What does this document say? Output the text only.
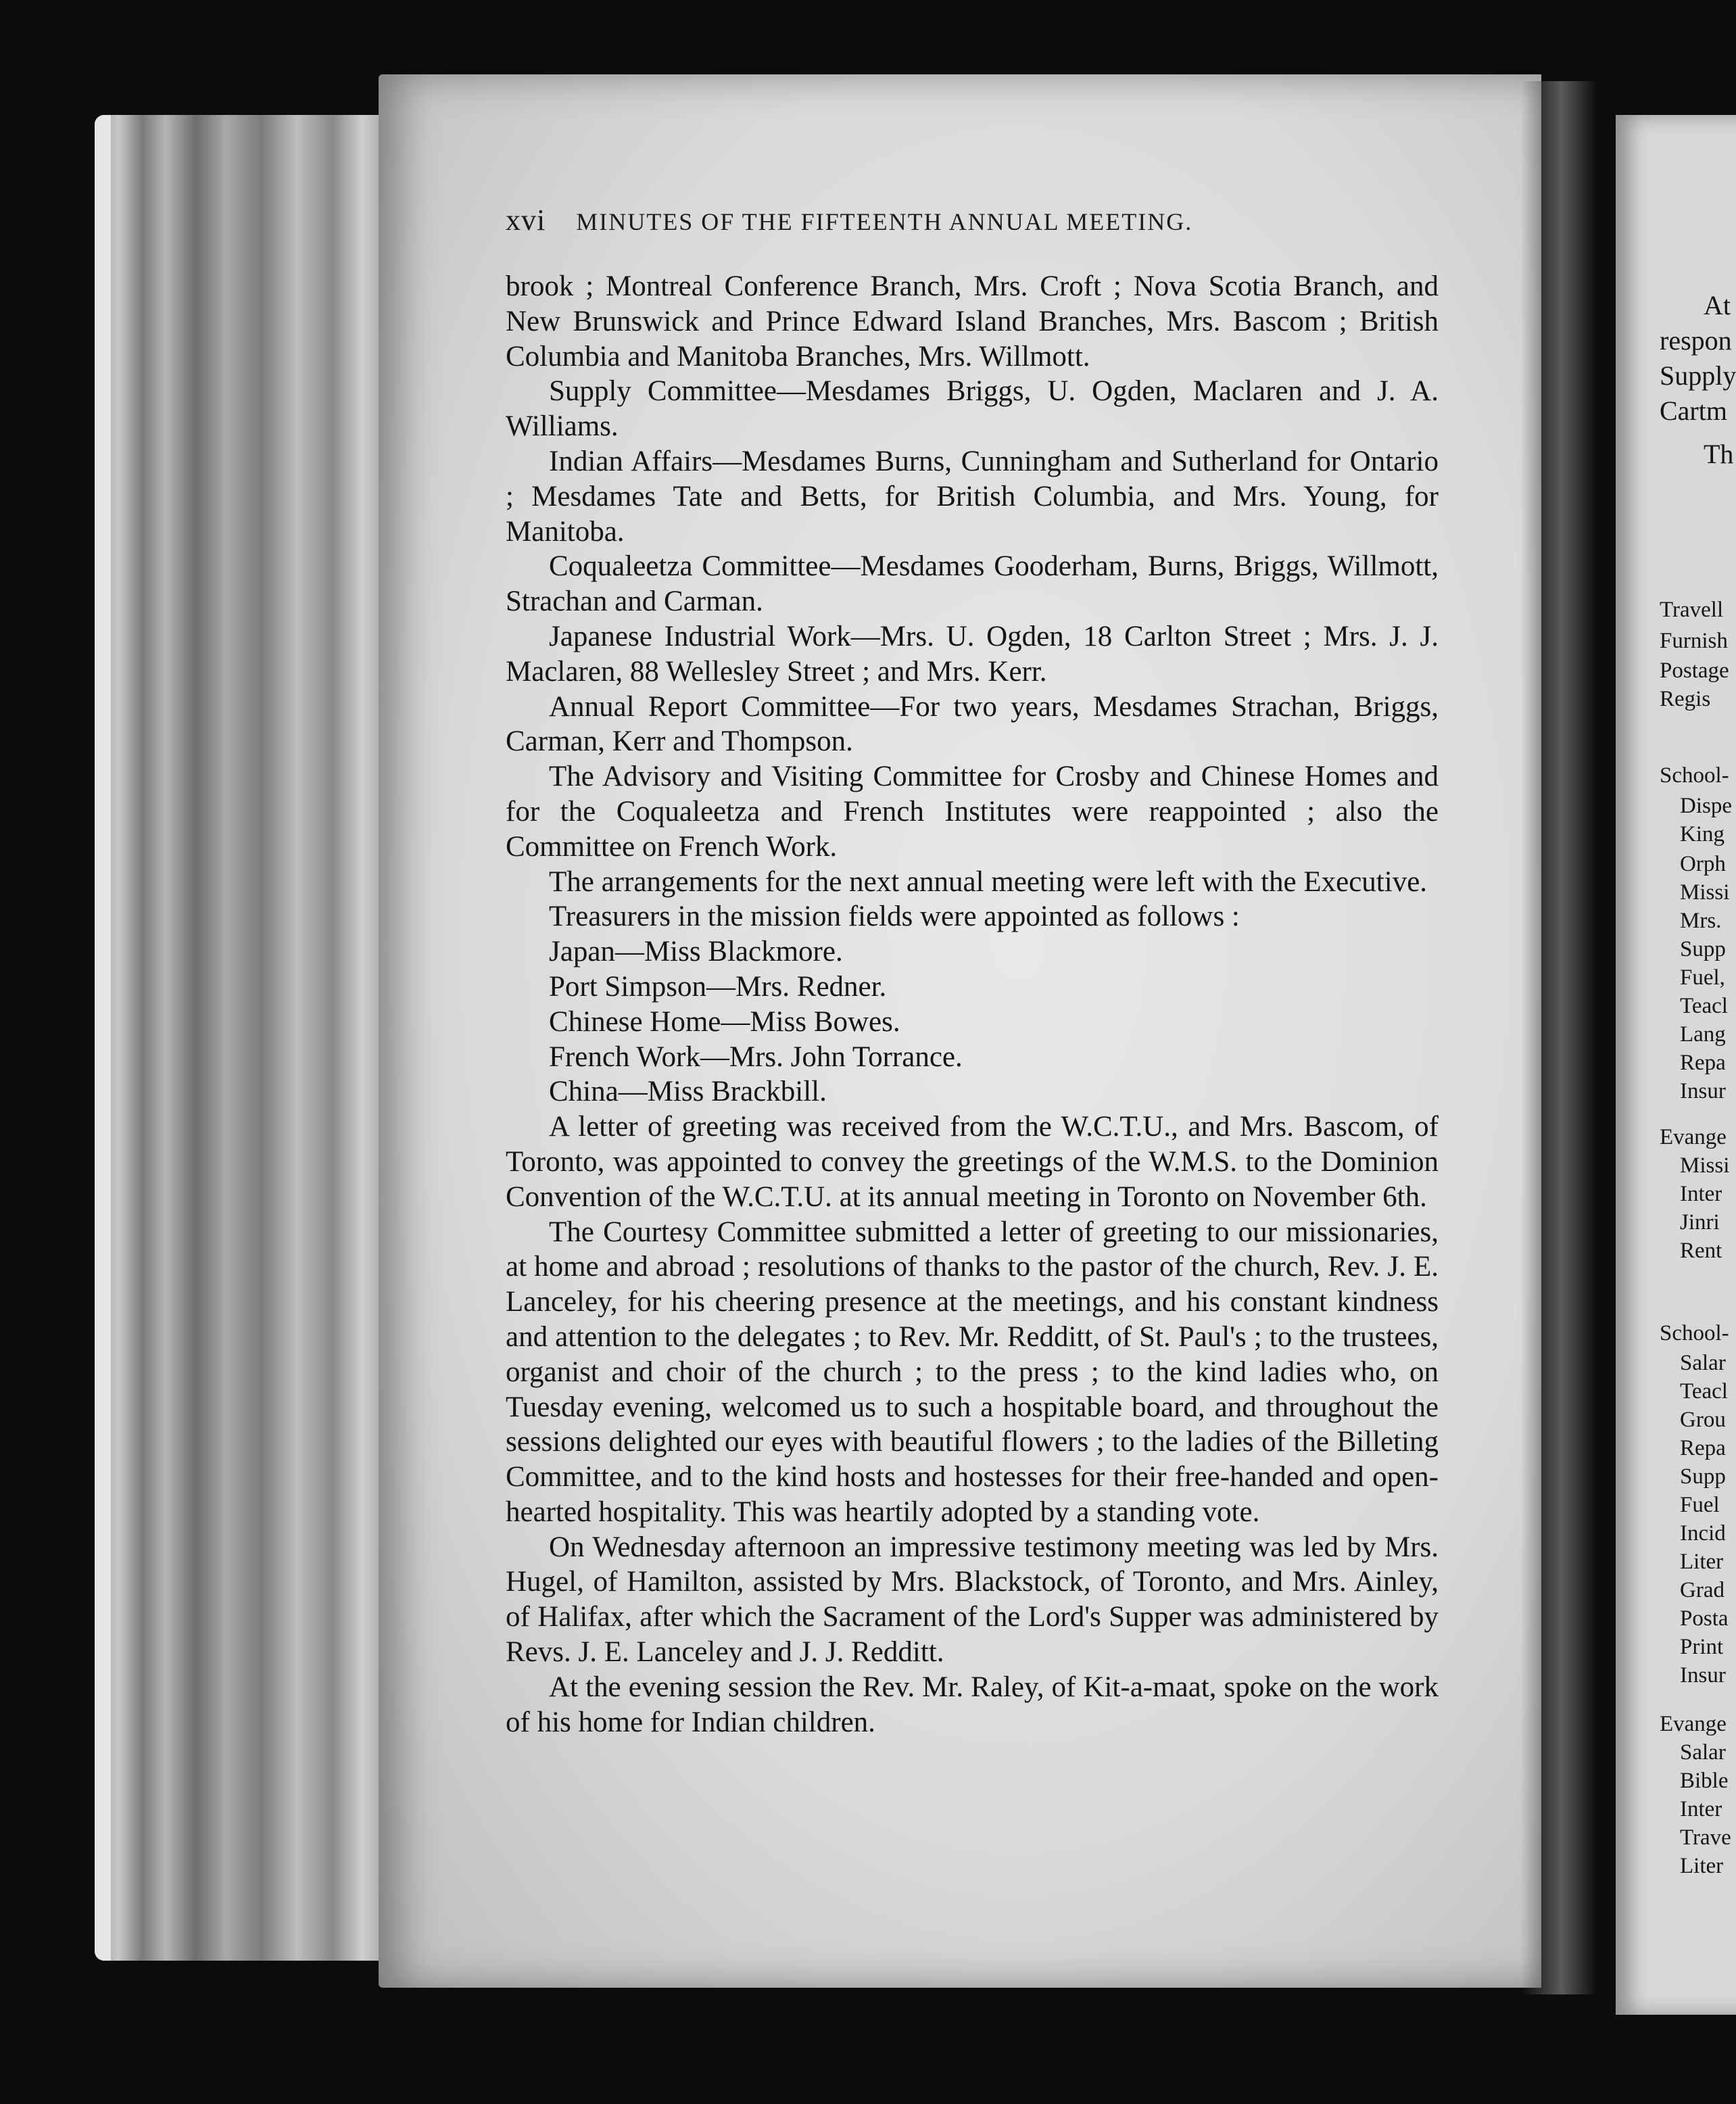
xvi MINUTES OF THE FIFTEENTH ANNUAL MEETING.

brook ; Montreal Conference Branch, Mrs. Croft ; Nova Scotia Branch, and New Brunswick and Prince Edward Island Branches, Mrs. Bascom ; British Columbia and Manitoba Branches, Mrs. Willmott.

Supply Committee—Mesdames Briggs, U. Ogden, Maclaren and J. A. Williams.

Indian Affairs—Mesdames Burns, Cunningham and Sutherland for Ontario ; Mesdames Tate and Betts, for British Columbia, and Mrs. Young, for Manitoba.

Coqualeetza Committee—Mesdames Gooderham, Burns, Briggs, Willmott, Strachan and Carman.

Japanese Industrial Work—Mrs. U. Ogden, 18 Carlton Street ; Mrs. J. J. Maclaren, 88 Wellesley Street ; and Mrs. Kerr.

Annual Report Committee—For two years, Mesdames Strachan, Briggs, Carman, Kerr and Thompson.

The Advisory and Visiting Committee for Crosby and Chinese Homes and for the Coqualeetza and French Institutes were reappointed ; also the Committee on French Work.

The arrangements for the next annual meeting were left with the Executive.

Treasurers in the mission fields were appointed as follows :

Japan—Miss Blackmore.

Port Simpson—Mrs. Redner.

Chinese Home—Miss Bowes.

French Work—Mrs. John Torrance.

China—Miss Brackbill.

A letter of greeting was received from the W.C.T.U., and Mrs. Bascom, of Toronto, was appointed to convey the greetings of the W.M.S. to the Dominion Convention of the W.C.T.U. at its annual meeting in Toronto on November 6th.

The Courtesy Committee submitted a letter of greeting to our missionaries, at home and abroad ; resolutions of thanks to the pastor of the church, Rev. J. E. Lanceley, for his cheering presence at the meetings, and his constant kindness and attention to the delegates ; to Rev. Mr. Redditt, of St. Paul's ; to the trustees, organist and choir of the church ; to the press ; to the kind ladies who, on Tuesday evening, welcomed us to such a hospitable board, and throughout the sessions delighted our eyes with beautiful flowers ; to the ladies of the Billeting Committee, and to the kind hosts and hostesses for their free-handed and open-hearted hospitality. This was heartily adopted by a standing vote.

On Wednesday afternoon an impressive testimony meeting was led by Mrs. Hugel, of Hamilton, assisted by Mrs. Blackstock, of Toronto, and Mrs. Ainley, of Halifax, after which the Sacrament of the Lord's Supper was administered by Revs. J. E. Lanceley and J. J. Redditt.

At the evening session the Rev. Mr. Raley, of Kit-a-maat, spoke on the work of his home for Indian children.

At
respon
Supply
Cartm
Th
Travell
Furnish
Postage
Regis
School-
Dispe
King
Orph
Missi
Mrs.
Supp
Fuel,
Teacl
Lang
Repa
Insur
Evange
Missi
Inter
Jinri
Rent
School-
Salar
Teacl
Grou
Repa
Supp
Fuel
Incid
Liter
Grad
Posta
Print
Insur
Evange
Salar
Bible
Inter
Trave
Liter
